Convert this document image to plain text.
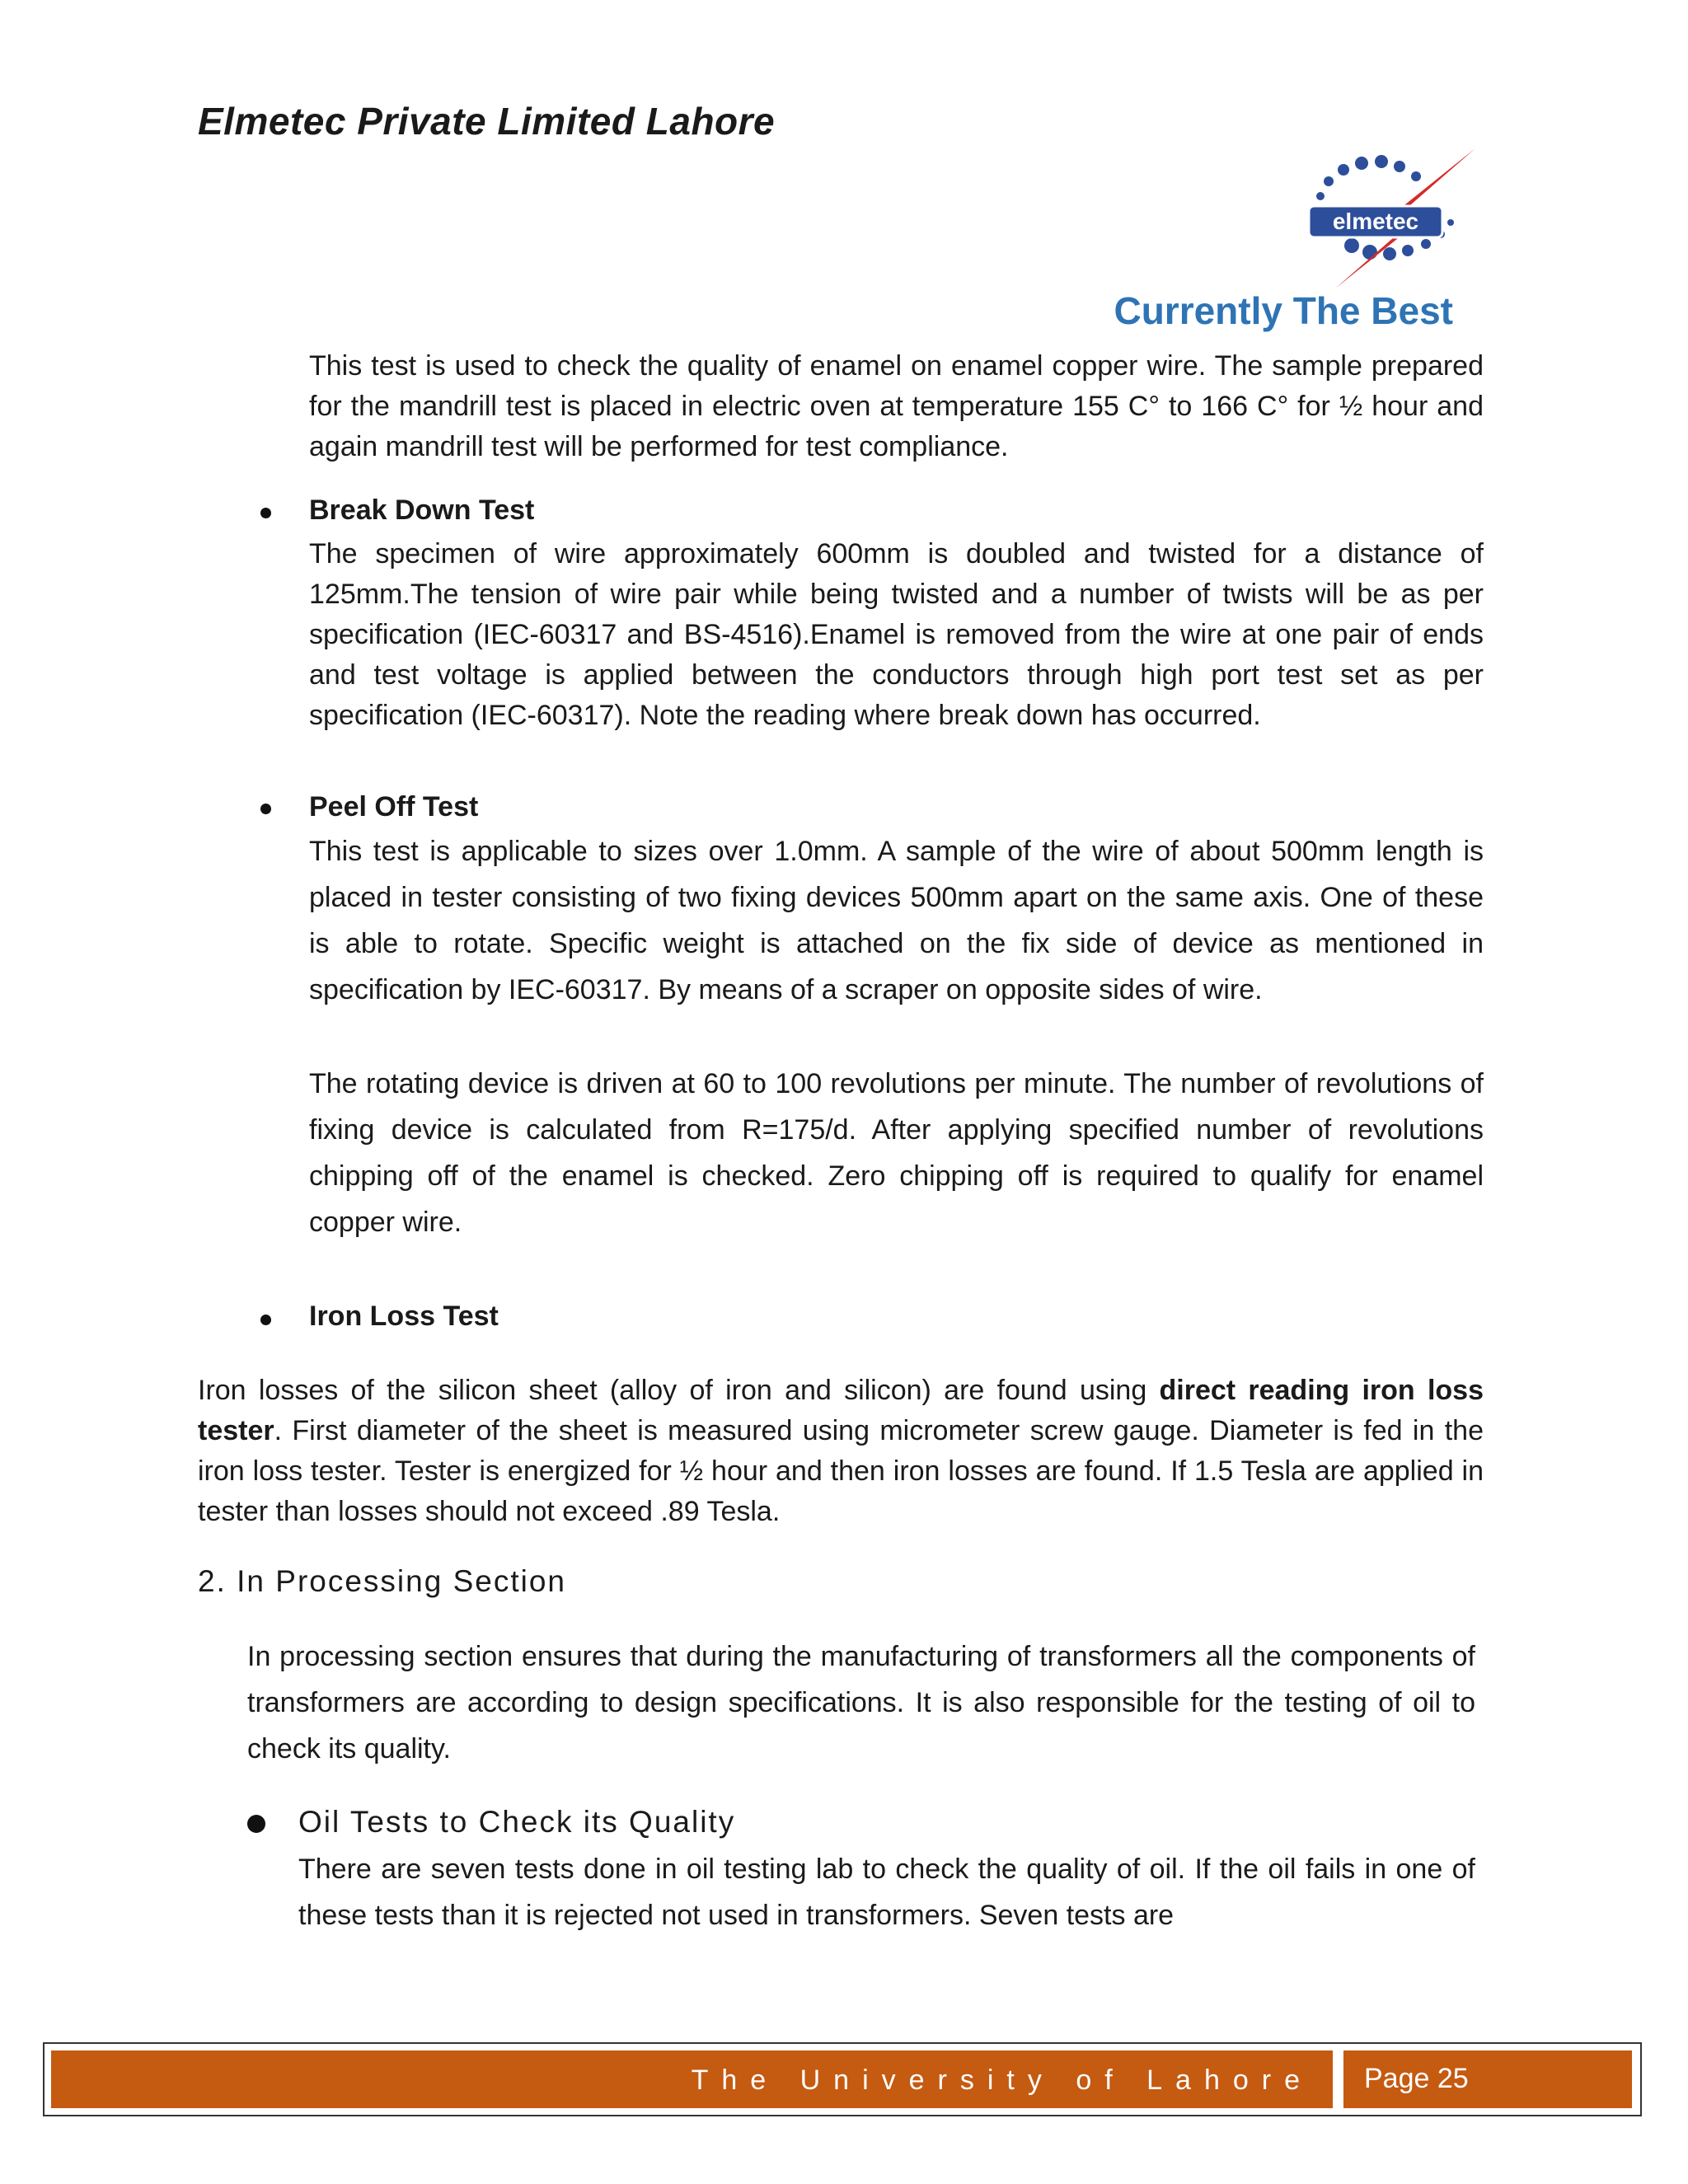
Elmetec Private Limited Lahore
elmetec
Currently The Best
This test is used to check the quality of enamel on enamel copper wire. The sample prepared for the mandrill test is placed in electric oven at temperature 155 C° to 166 C° for ½ hour and again mandrill test will be performed for test compliance.
Break Down Test
The specimen of wire approximately 600mm is doubled and twisted for a distance of 125mm.The tension of wire pair while being twisted and a number of twists will be as per specification (IEC-60317 and BS-4516).Enamel is removed from the wire at one pair of ends and test voltage is applied between the conductors through high port test set as per specification (IEC-60317). Note the reading where break down has occurred.
Peel Off Test
This test is applicable to sizes over 1.0mm. A sample of the wire of about 500mm length is placed in tester consisting of two fixing devices 500mm apart on the same axis. One of these is able to rotate. Specific weight is attached on the fix side of device as mentioned in specification by IEC-60317. By means of a scraper on opposite sides of wire.
The rotating device is driven at 60 to 100 revolutions per minute. The number of revolutions of fixing device is calculated from R=175/d. After applying specified number of revolutions chipping off of the enamel is checked. Zero chipping off is required to qualify for enamel copper wire.
Iron Loss Test
Iron losses of the silicon sheet (alloy of iron and silicon) are found using direct reading iron loss tester. First diameter of the sheet is measured using micrometer screw gauge. Diameter is fed in the iron loss tester. Tester is energized for ½ hour and then iron losses are found. If 1.5 Tesla are applied in tester than losses should not exceed .89 Tesla.
2. In Processing Section
In processing section ensures that during the manufacturing of transformers all the components of transformers are according to design specifications. It is also responsible for the testing of oil to check its quality.
Oil Tests to Check its Quality
There are seven tests done in oil testing lab to check the quality of oil. If the oil fails in one of these tests than it is rejected not used in transformers. Seven tests are
The University of Lahore Page 25
